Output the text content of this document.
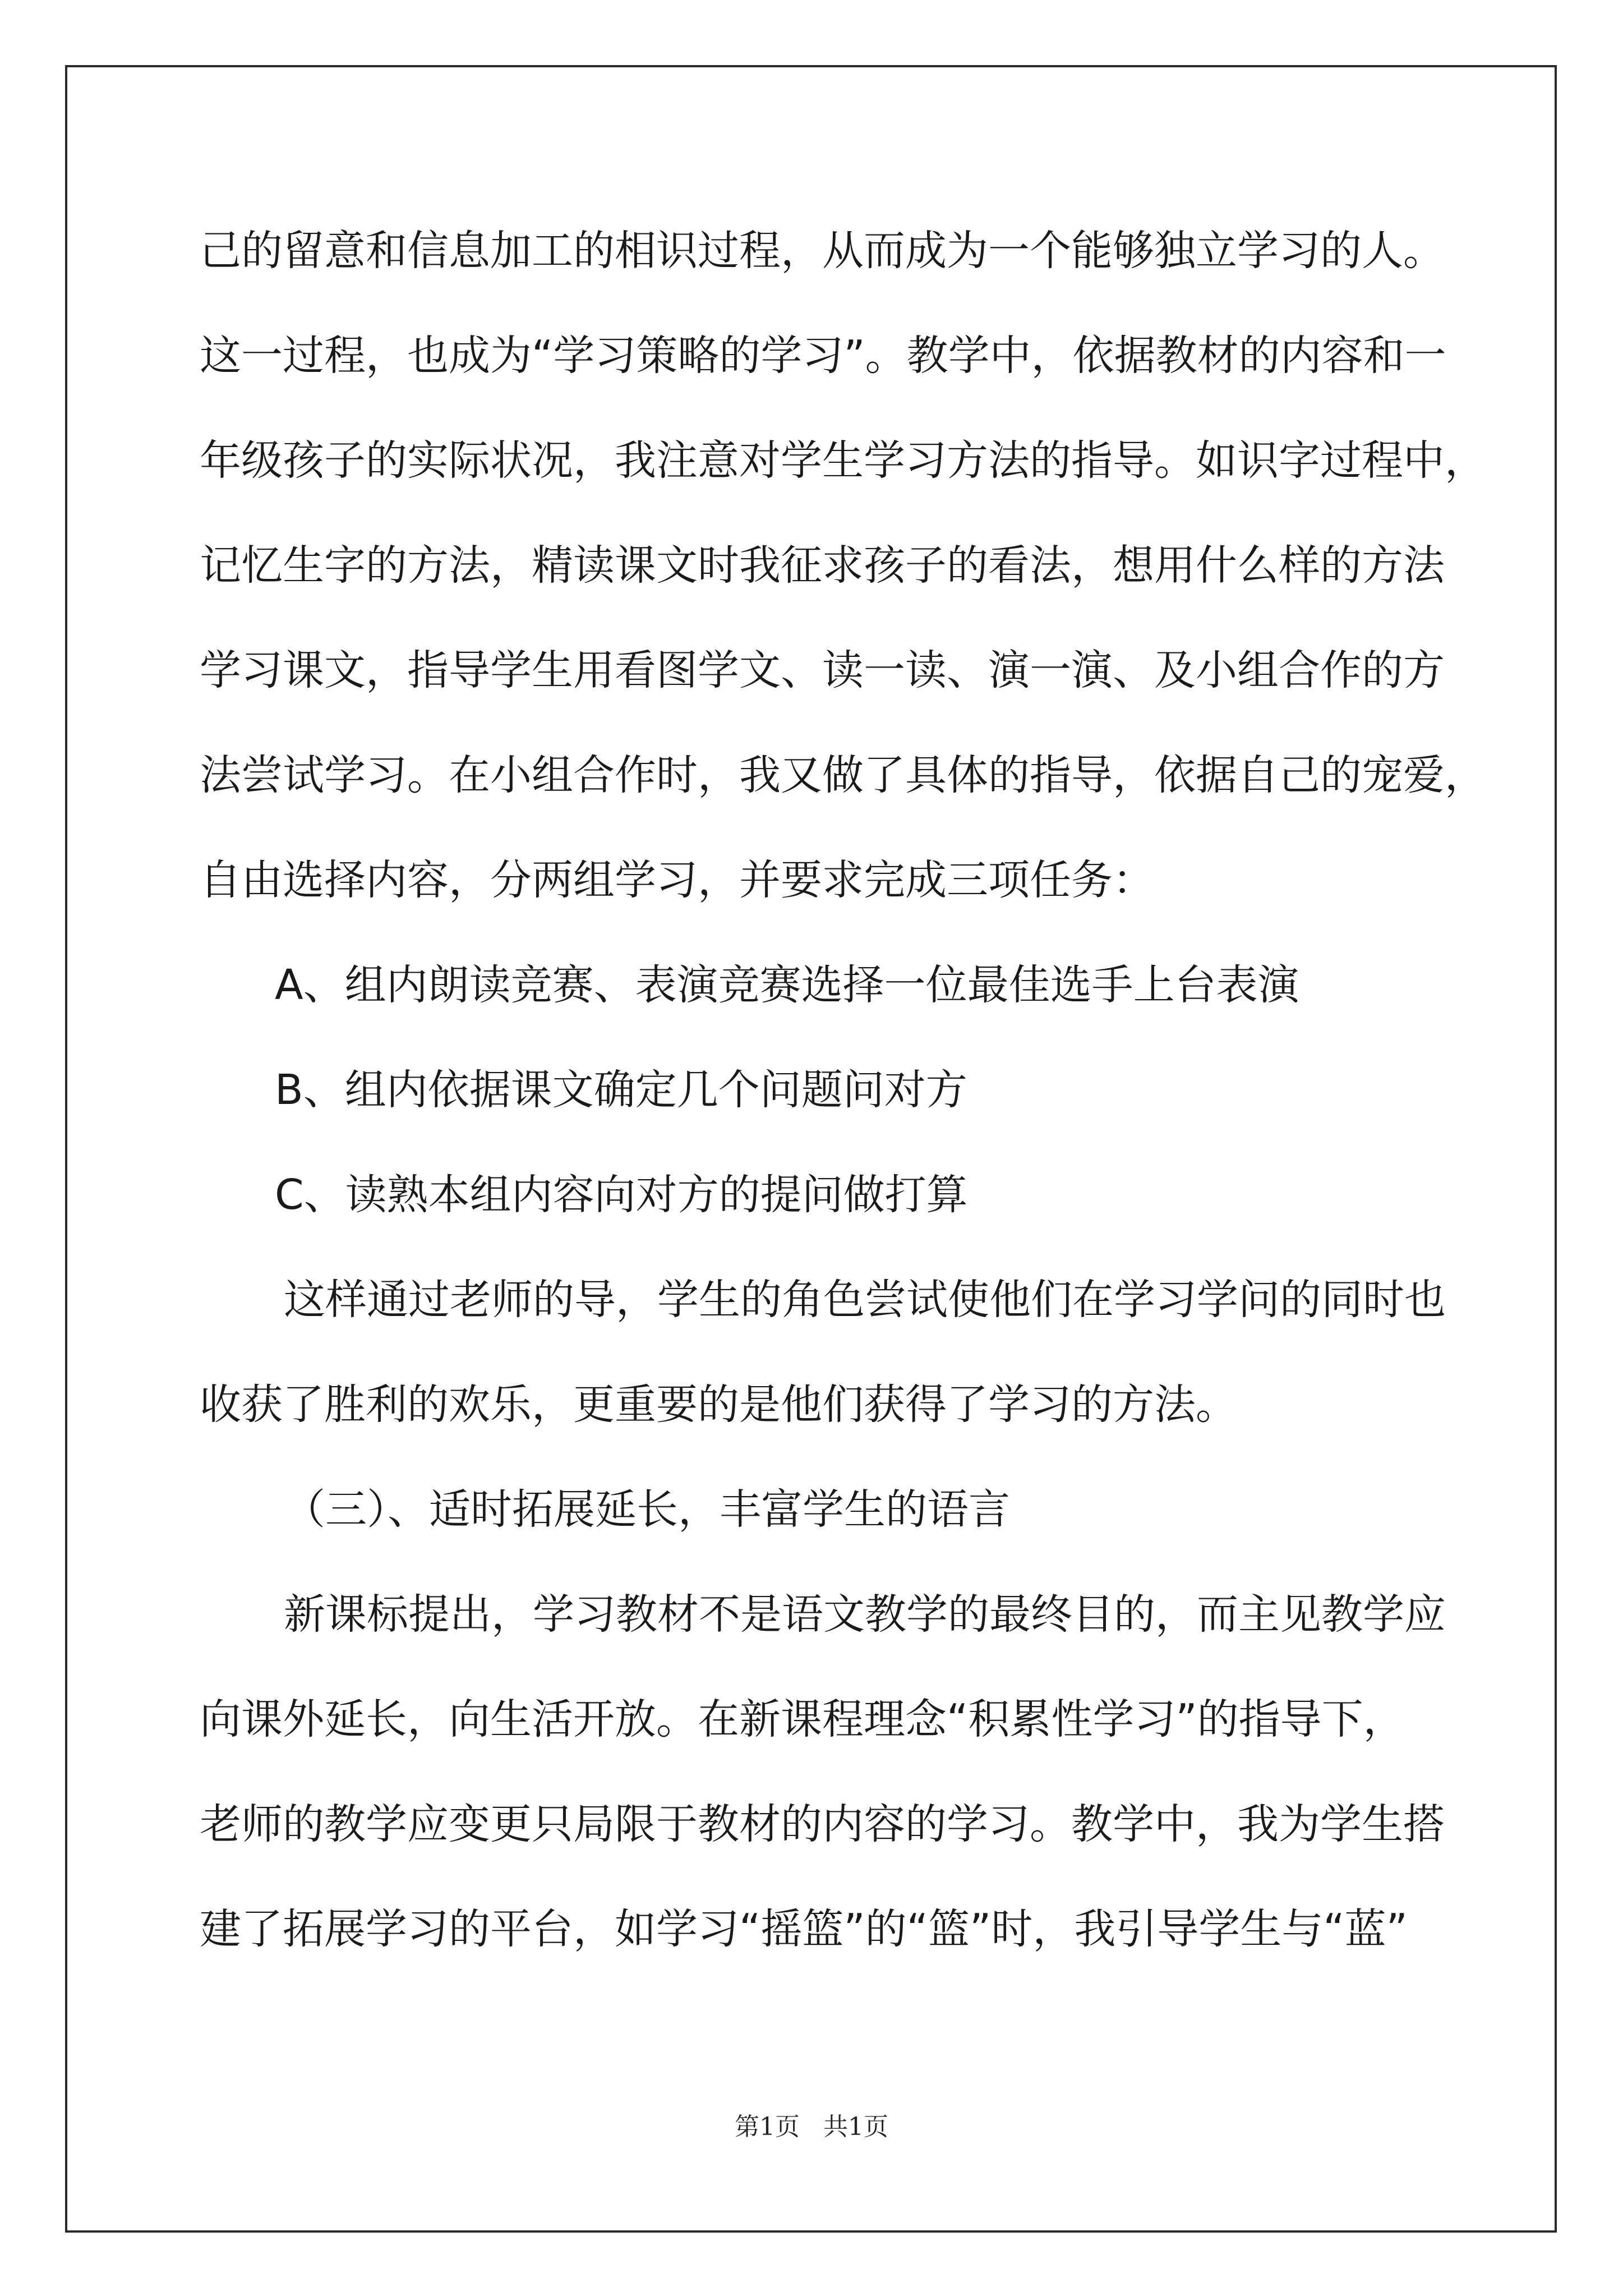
己的留意和信息加工的相识过程，从而成为一个能够独立学习的人。
这一过程，也成为“学习策略的学习”。教学中，依据教材的内容和一
年级孩子的实际状况，我注意对学生学习方法的指导。如识字过程中，
记忆生字的方法，精读课文时我征求孩子的看法，想用什么样的方法
学习课文，指导学生用看图学文、读一读、演一演、及小组合作的方
法尝试学习。在小组合作时，我又做了具体的指导，依据自己的宠爱，
自由选择内容，分两组学习，并要求完成三项任务：
A、组内朗读竞赛、表演竞赛选择一位最佳选手上台表演
B、组内依据课文确定几个问题问对方
C、读熟本组内容向对方的提问做打算
这样通过老师的导，学生的角色尝试使他们在学习学问的同时也
收获了胜利的欢乐，更重要的是他们获得了学习的方法。
（三）、适时拓展延长，丰富学生的语言
新课标提出，学习教材不是语文教学的最终目的，而主见教学应
向课外延长，向生活开放。在新课程理念“积累性学习”的指导下，
老师的教学应变更只局限于教材的内容的学习。教学中，我为学生搭
建了拓展学习的平台，如学习“摇篮”的“篮”时，我引导学生与“蓝”
第1页   共1页
